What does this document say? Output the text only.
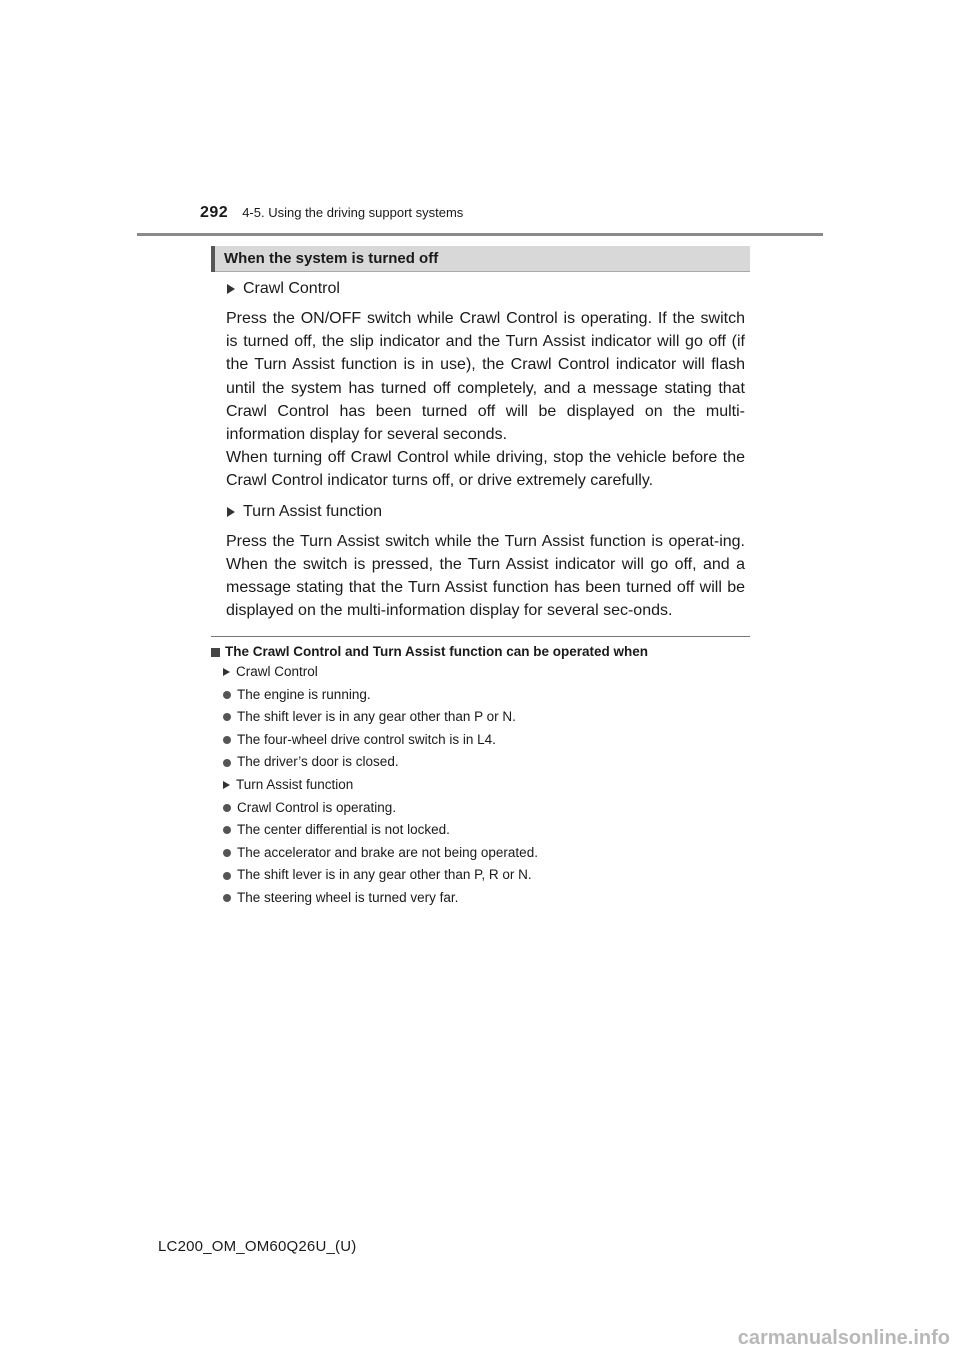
292 4-5. Using the driving support systems
When the system is turned off
Crawl Control

Press the ON/OFF switch while Crawl Control is operating. If the switch is turned off, the slip indicator and the Turn Assist indicator will go off (if the Turn Assist function is in use), the Crawl Control indicator will flash until the system has turned off completely, and a message stating that Crawl Control has been turned off will be displayed on the multi-information display for several seconds.

When turning off Crawl Control while driving, stop the vehicle before the Crawl Control indicator turns off, or drive extremely carefully.

Turn Assist function

Press the Turn Assist switch while the Turn Assist function is operat-ing. When the switch is pressed, the Turn Assist indicator will go off, and a message stating that the Turn Assist function has been turned off will be displayed on the multi-information display for several sec-onds.

The Crawl Control and Turn Assist function can be operated when
Crawl Control
The engine is running.
The shift lever is in any gear other than P or N.
The four-wheel drive control switch is in L4.
The driver’s door is closed.
Turn Assist function
Crawl Control is operating.
The center differential is not locked.
The accelerator and brake are not being operated.
The shift lever is in any gear other than P, R or N.
The steering wheel is turned very far.
LC200_OM_OM60Q26U_(U)
carmanualsonline.info
